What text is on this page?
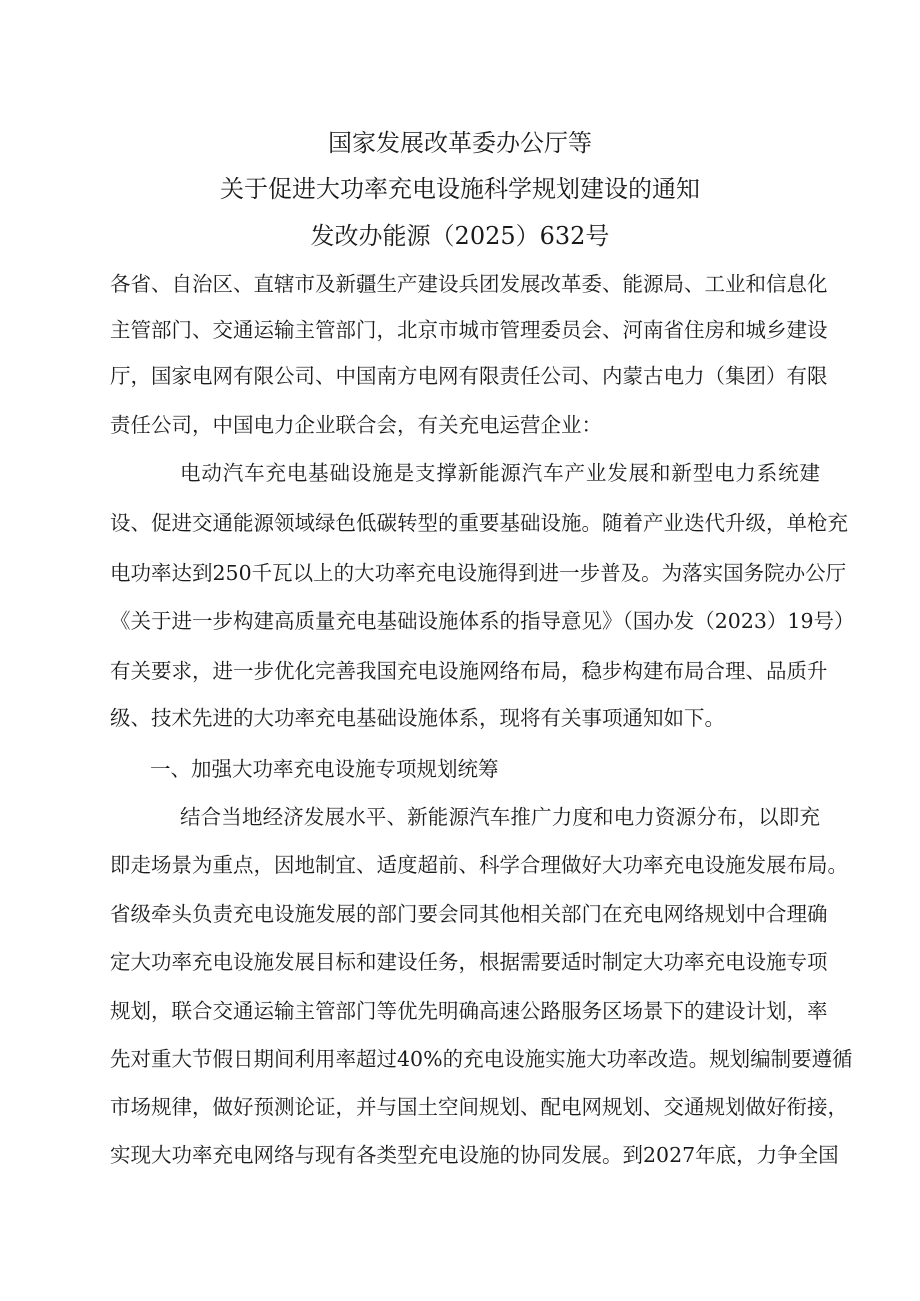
国家发展改革委办公厅等
关于促进大功率充电设施科学规划建设的通知
发改办能源（2025）632号
各省、自治区、直辖市及新疆生产建设兵团发展改革委、能源局、工业和信息化
主管部门、交通运输主管部门，北京市城市管理委员会、河南省住房和城乡建设
厅，国家电网有限公司、中国南方电网有限责任公司、内蒙古电力（集团）有限
责任公司，中国电力企业联合会，有关充电运营企业：
电动汽车充电基础设施是支撑新能源汽车产业发展和新型电力系统建
设、促进交通能源领域绿色低碳转型的重要基础设施。随着产业迭代升级，单枪充
电功率达到250千瓦以上的大功率充电设施得到进一步普及。为落实国务院办公厅
《关于进一步构建高质量充电基础设施体系的指导意见》（国办发（2023）19号）
有关要求，进一步优化完善我国充电设施网络布局，稳步构建布局合理、品质升
级、技术先进的大功率充电基础设施体系，现将有关事项通知如下。
一、加强大功率充电设施专项规划统筹
结合当地经济发展水平、新能源汽车推广力度和电力资源分布，以即充
即走场景为重点，因地制宜、适度超前、科学合理做好大功率充电设施发展布局。
省级牵头负责充电设施发展的部门要会同其他相关部门在充电网络规划中合理确
定大功率充电设施发展目标和建设任务，根据需要适时制定大功率充电设施专项
规划，联合交通运输主管部门等优先明确高速公路服务区场景下的建设计划，率
先对重大节假日期间利用率超过40%的充电设施实施大功率改造。规划编制要遵循
市场规律，做好预测论证，并与国土空间规划、配电网规划、交通规划做好衔接，
实现大功率充电网络与现有各类型充电设施的协同发展。到2027年底，力争全国
